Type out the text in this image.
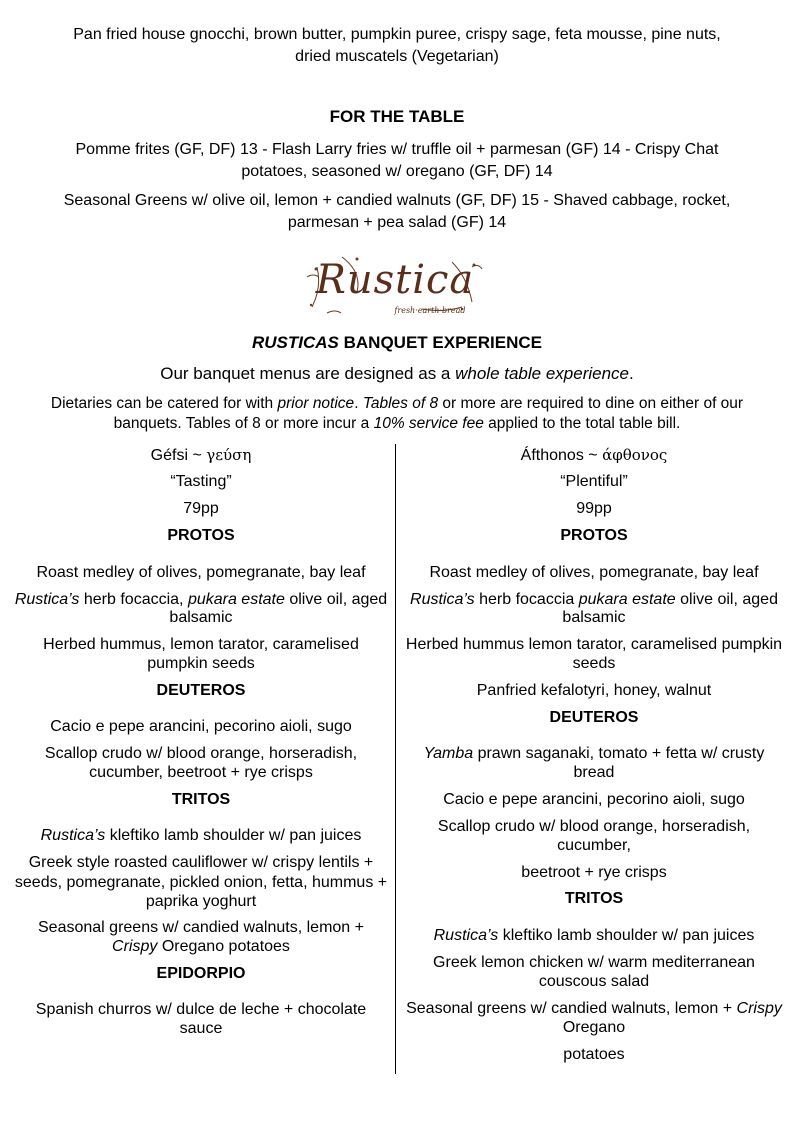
Pan fried house gnocchi, brown butter, pumpkin puree, crispy sage, feta mousse, pine nuts,

dried muscatels (Vegetarian)

FOR THE TABLE

Pomme frites (GF, DF) 13 - Flash Larry fries w/ truffle oil + parmesan (GF) 14 - Crispy Chat

potatoes, seasoned w/ oregano (GF, DF) 14

Seasonal Greens w/ olive oil, lemon + candied walnuts (GF, DF) 15 - Shaved cabbage, rocket,

parmesan + pea salad (GF) 14

Rustica
fresh·earth·bread

RUSTICAS BANQUET EXPERIENCE

Our banquet menus are designed as a whole table experience.

Dietaries can be catered for with prior notice. Tables of 8 or more are required to dine on either of our

banquets. Tables of 8 or more incur a 10% service fee applied to the total table bill.

Géfsi ~ γεύση
“Tasting”
79pp
PROTOS
Roast medley of olives, pomegranate, bay leaf
Rustica’s herb focaccia, pukara estate olive oil, aged
balsamic
Herbed hummus, lemon tarator, caramelised
pumpkin seeds
DEUTEROS
Cacio e pepe arancini, pecorino aioli, sugo
Scallop crudo w/ blood orange, horseradish,
cucumber, beetroot + rye crisps
TRITOS
Rustica’s kleftiko lamb shoulder w/ pan juices
Greek style roasted cauliflower w/ crispy lentils +
seeds, pomegranate, pickled onion, fetta, hummus +
paprika yoghurt
Seasonal greens w/ candied walnuts, lemon +
Crispy Oregano potatoes
EPIDORPIO
Spanish churros w/ dulce de leche + chocolate
sauce
Áfthonos ~ άφθονος
“Plentiful”
99pp
PROTOS
Roast medley of olives, pomegranate, bay leaf
Rustica’s herb focaccia pukara estate olive oil, aged
balsamic
Herbed hummus lemon tarator, caramelised pumpkin
seeds
Panfried kefalotyri, honey, walnut
DEUTEROS
Yamba prawn saganaki, tomato + fetta w/ crusty
bread
Cacio e pepe arancini, pecorino aioli, sugo
Scallop crudo w/ blood orange, horseradish,
cucumber,
beetroot + rye crisps
TRITOS
Rustica’s kleftiko lamb shoulder w/ pan juices
Greek lemon chicken w/ warm mediterranean
couscous salad
Seasonal greens w/ candied walnuts, lemon + Crispy
Oregano
potatoes
